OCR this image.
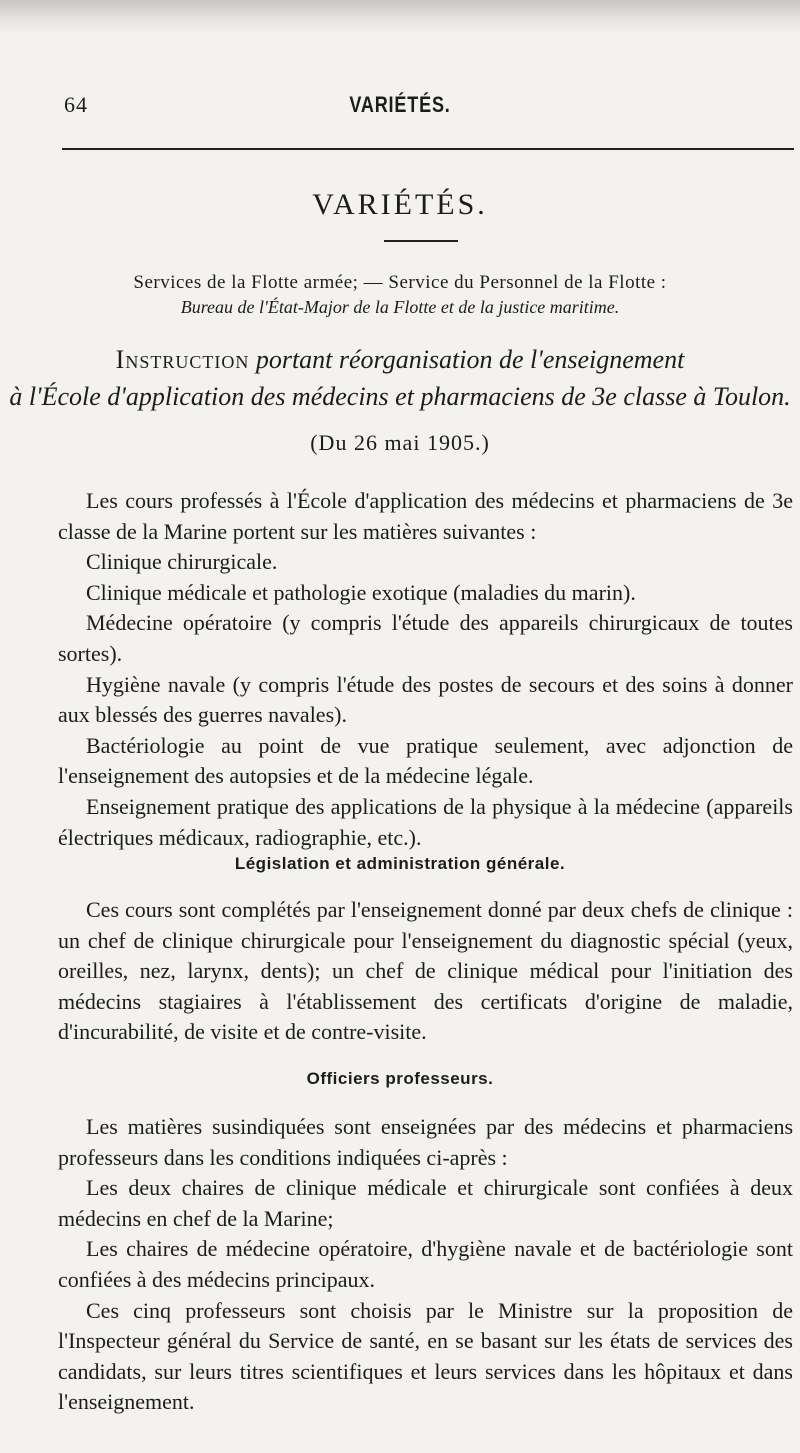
64	VARIÉTÉS.
VARIÉTÉS.
Services de la Flotte armée; — Service du Personnel de la Flotte :
Bureau de l'État-Major de la Flotte et de la justice maritime.
Instruction portant réorganisation de l'enseignement
à l'École d'application des médecins et pharmaciens de 3e classe à Toulon.
(Du 26 mai 1905.)

Les cours professés à l'École d'application des médecins et pharmaciens de 3e classe de la Marine portent sur les matières suivantes :

Clinique chirurgicale.

Clinique médicale et pathologie exotique (maladies du marin).

Médecine opératoire (y compris l'étude des appareils chirurgicaux de toutes sortes).

Hygiène navale (y compris l'étude des postes de secours et des soins à donner aux blessés des guerres navales).

Bactériologie au point de vue pratique seulement, avec adjonction de l'enseignement des autopsies et de la médecine légale.

Enseignement pratique des applications de la physique à la médecine (appareils électriques médicaux, radiographie, etc.).

Législation et administration générale.

Ces cours sont complétés par l'enseignement donné par deux chefs de clinique : un chef de clinique chirurgicale pour l'enseignement du diagnostic spécial (yeux, oreilles, nez, larynx, dents); un chef de clinique médical pour l'initiation des médecins stagiaires à l'établissement des certificats d'origine de maladie, d'incurabilité, de visite et de contre-visite.

Officiers professeurs.

Les matières susindiquées sont enseignées par des médecins et pharmaciens professeurs dans les conditions indiquées ci-après :

Les deux chaires de clinique médicale et chirurgicale sont confiées à deux médecins en chef de la Marine;

Les chaires de médecine opératoire, d'hygiène navale et de bactériologie sont confiées à des médecins principaux.

Ces cinq professeurs sont choisis par le Ministre sur la proposition de l'Inspecteur général du Service de santé, en se basant sur les états de services des candidats, sur leurs titres scientifiques et leurs services dans les hôpitaux et dans l'enseignement.
